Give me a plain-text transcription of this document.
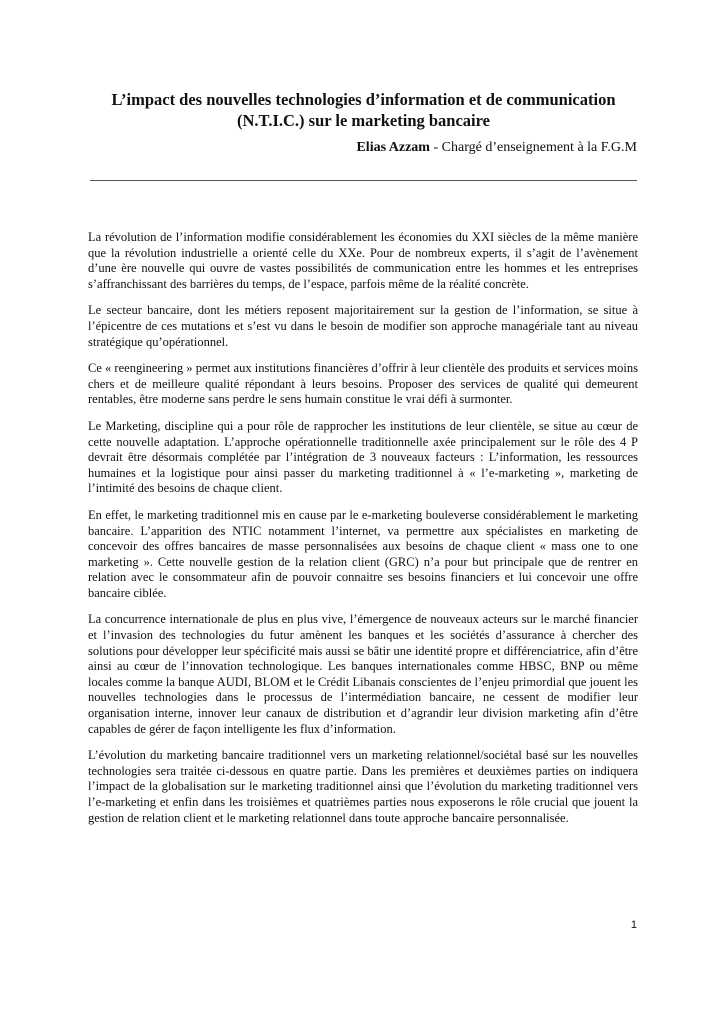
L’impact des nouvelles technologies d’information et de communication
(N.T.I.C.) sur le marketing bancaire
Elias Azzam - Chargé d’enseignement à la F.G.M

La révolution de l’information modifie considérablement les économies du XXI siècles de la même manière que la révolution industrielle a orienté celle du XXe. Pour de nombreux experts, il s’agit de l’avènement d’une ère nouvelle qui ouvre de vastes possibilités de communication entre les hommes et les entreprises s’affranchissant des barrières du temps, de l’espace, parfois même de la réalité concrète.

Le secteur bancaire, dont les métiers reposent majoritairement sur la gestion de l’information, se situe à l’épicentre de ces mutations et s’est vu dans le besoin de modifier son approche managériale tant au niveau stratégique qu’opérationnel.

Ce « reengineering » permet aux institutions financières d’offrir à leur clientèle des produits et services moins chers et de meilleure qualité répondant à leurs besoins. Proposer des services de qualité qui demeurent rentables, être moderne sans perdre le sens humain constitue le vrai défi à surmonter.

Le Marketing, discipline qui a pour rôle de rapprocher les institutions de leur clientèle, se situe au cœur de cette nouvelle adaptation. L’approche opérationnelle traditionnelle axée principalement sur le rôle des 4 P devrait être désormais complétée par l’intégration de 3 nouveaux facteurs : L’information, les ressources humaines et la logistique pour ainsi passer du marketing traditionnel à « l’e-marketing », marketing de l’intimité des besoins de chaque client.

En effet, le marketing traditionnel mis en cause par le e-marketing bouleverse considérablement le marketing bancaire. L’apparition des NTIC notamment l’internet, va permettre aux spécialistes en marketing de concevoir des offres bancaires de masse personnalisées aux besoins de chaque client « mass one to one marketing ». Cette nouvelle gestion de la relation client (GRC) n’a pour but principale que de rentrer en relation avec le consommateur afin de pouvoir connaitre ses besoins financiers et lui concevoir une offre bancaire ciblée.

La concurrence internationale de plus en plus vive, l’émergence de nouveaux acteurs sur le marché financier et l’invasion des technologies du futur amènent les banques et les sociétés d’assurance à chercher des solutions pour développer leur spécificité mais aussi se bâtir une identité propre et différenciatrice, afin d’être ainsi au cœur de l’innovation technologique. Les banques internationales comme HBSC, BNP ou même locales comme la banque AUDI, BLOM et le Crédit Libanais conscientes de l’enjeu primordial que jouent les nouvelles technologies dans le processus de l’intermédiation bancaire, ne cessent de modifier leur organisation interne, innover leur canaux de distribution et d’agrandir leur division marketing afin d’être capables de gérer de façon intelligente les flux d’information.

L’évolution du marketing bancaire traditionnel vers un marketing relationnel/sociétal basé sur les nouvelles technologies sera traitée ci-dessous en quatre partie. Dans les premières et deuxièmes parties on indiquera l’impact de la globalisation sur le marketing traditionnel ainsi que l’évolution du marketing traditionnel vers l’e-marketing et enfin dans les troisièmes et quatrièmes parties nous exposerons le rôle crucial que jouent la gestion de relation client et le marketing relationnel dans toute approche bancaire personnalisée.

1
